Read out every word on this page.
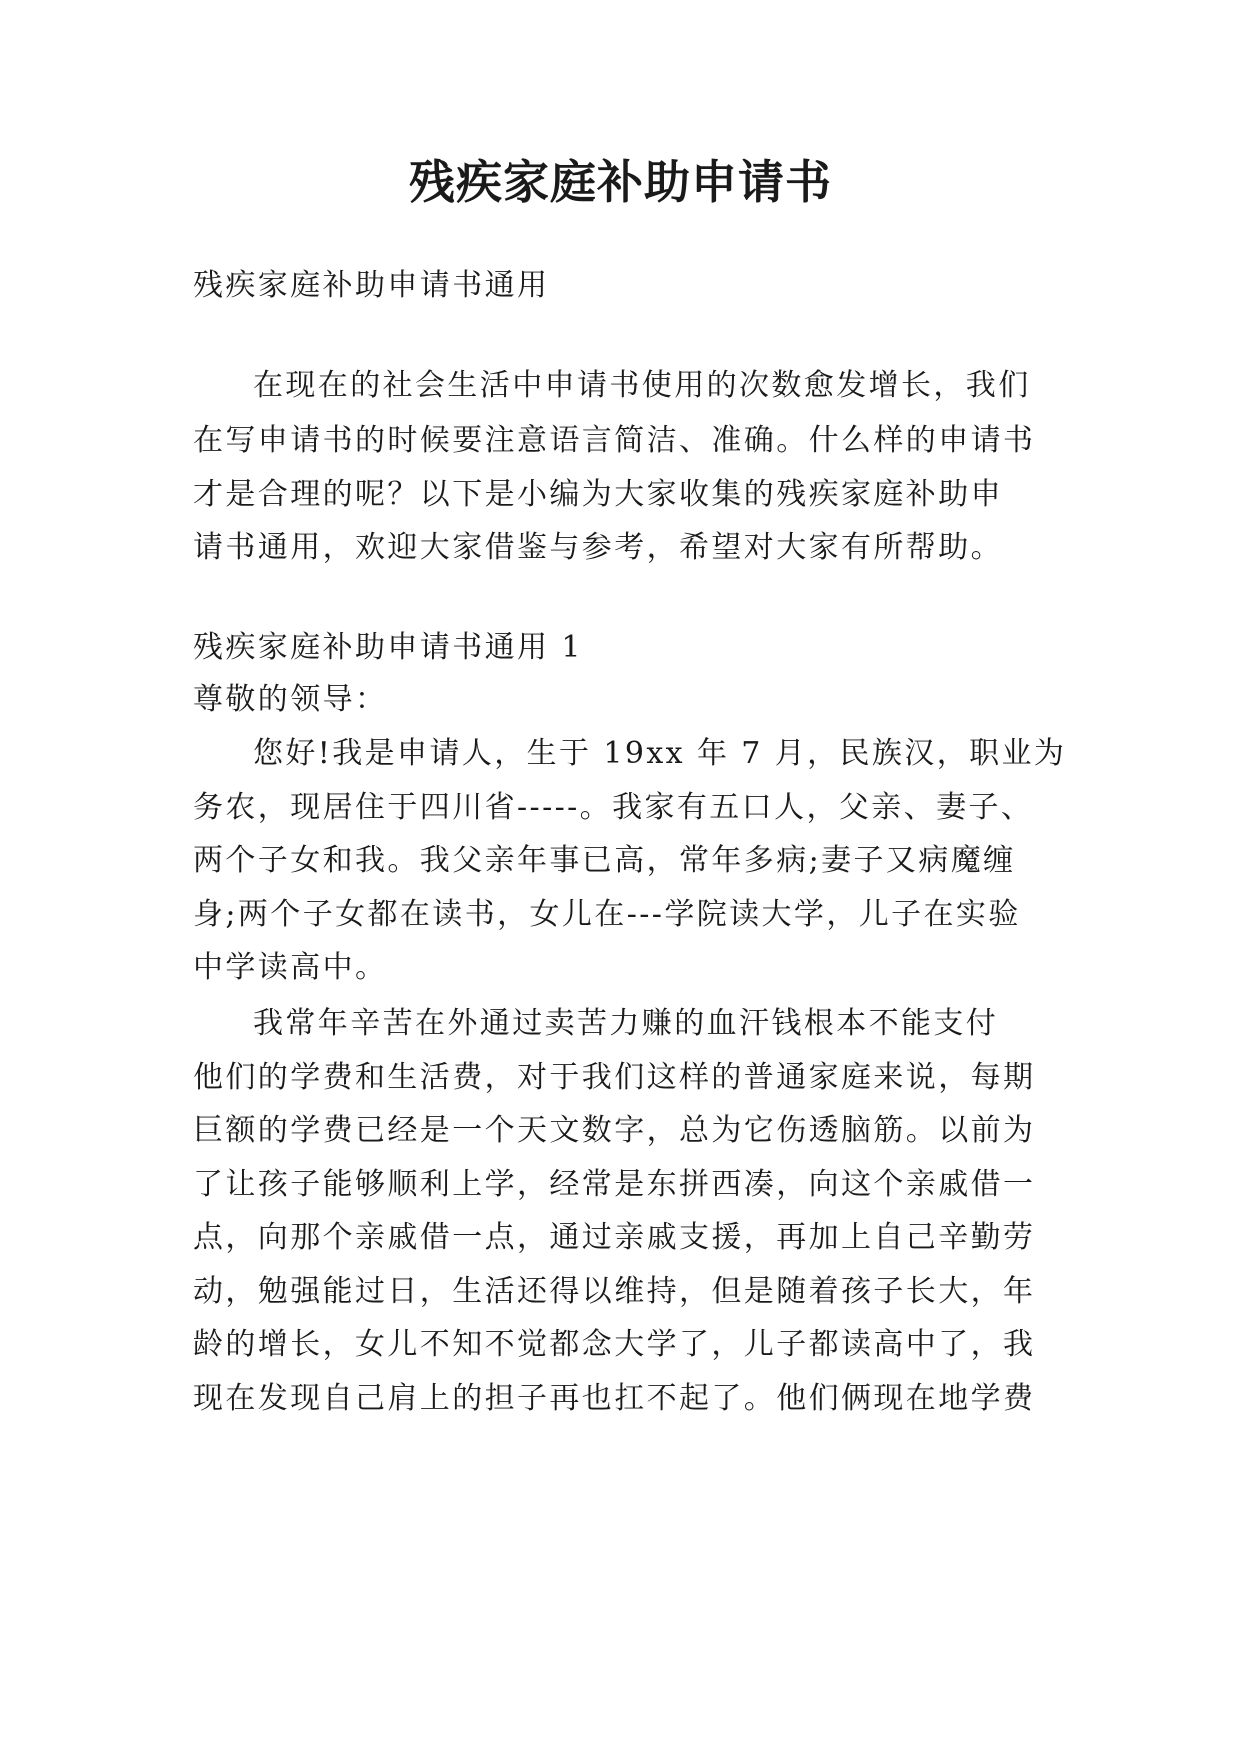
残疾家庭补助申请书

残疾家庭补助申请书通用

在现在的社会生活中申请书使用的次数愈发增长，我们

在写申请书的时候要注意语言简洁、准确。什么样的申请书

才是合理的呢？以下是小编为大家收集的残疾家庭补助申

请书通用，欢迎大家借鉴与参考，希望对大家有所帮助。

残疾家庭补助申请书通用 1

尊敬的领导：

您好!我是申请人，生于 19xx 年 7 月，民族汉，职业为

务农，现居住于四川省-----。我家有五口人，父亲、妻子、

两个子女和我。我父亲年事已高，常年多病;妻子又病魔缠

身;两个子女都在读书，女儿在---学院读大学，儿子在实验

中学读高中。

我常年辛苦在外通过卖苦力赚的血汗钱根本不能支付

他们的学费和生活费，对于我们这样的普通家庭来说，每期

巨额的学费已经是一个天文数字，总为它伤透脑筋。以前为

了让孩子能够顺利上学，经常是东拼西凑，向这个亲戚借一

点，向那个亲戚借一点，通过亲戚支援，再加上自己辛勤劳

动，勉强能过日，生活还得以维持，但是随着孩子长大，年

龄的增长，女儿不知不觉都念大学了，儿子都读高中了，我

现在发现自己肩上的担子再也扛不起了。他们俩现在地学费
